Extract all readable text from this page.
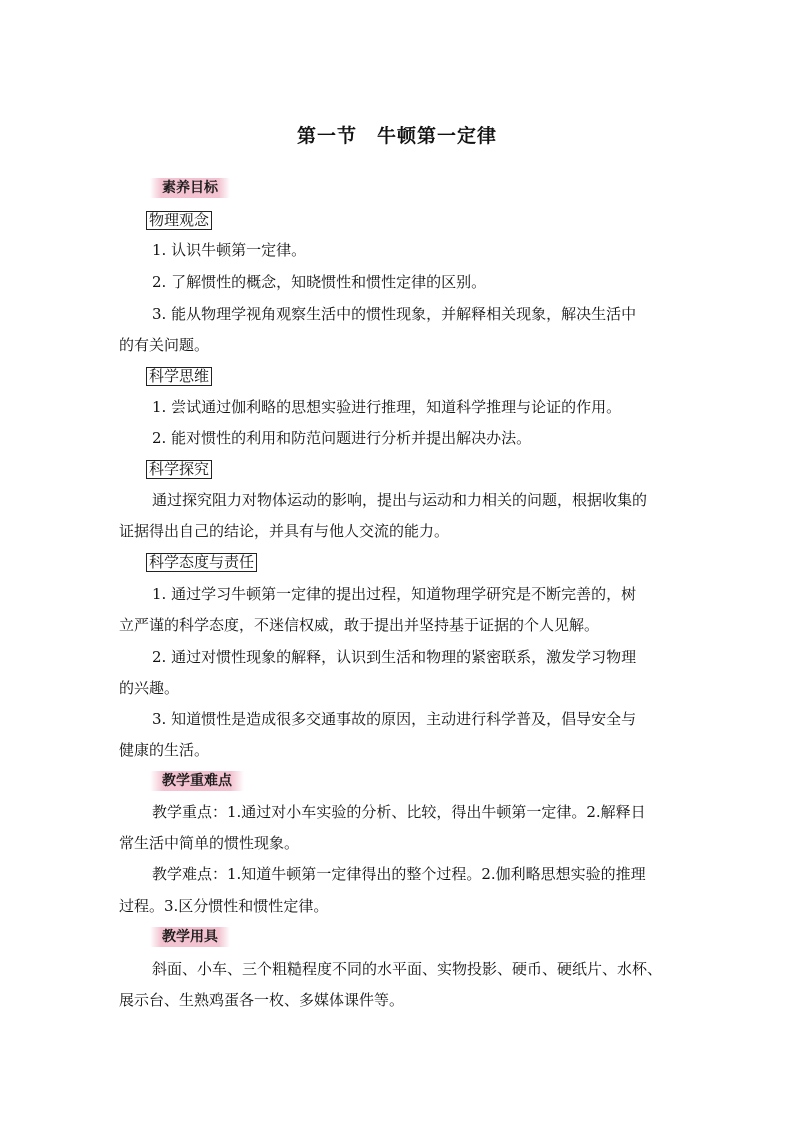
第一节　牛顿第一定律
素养目标
物理观念
1. 认识牛顿第一定律。
2. 了解惯性的概念，知晓惯性和惯性定律的区别。
3. 能从物理学视角观察生活中的惯性现象，并解释相关现象，解决生活中
的有关问题。
科学思维
1. 尝试通过伽利略的思想实验进行推理，知道科学推理与论证的作用。
2. 能对惯性的利用和防范问题进行分析并提出解决办法。
科学探究
通过探究阻力对物体运动的影响，提出与运动和力相关的问题，根据收集的
证据得出自己的结论，并具有与他人交流的能力。
科学态度与责任
1. 通过学习牛顿第一定律的提出过程，知道物理学研究是不断完善的，树
立严谨的科学态度，不迷信权威，敢于提出并坚持基于证据的个人见解。
2. 通过对惯性现象的解释，认识到生活和物理的紧密联系，激发学习物理
的兴趣。
3. 知道惯性是造成很多交通事故的原因，主动进行科学普及，倡导安全与
健康的生活。
教学重难点
教学重点：1.通过对小车实验的分析、比较，得出牛顿第一定律。2.解释日
常生活中简单的惯性现象。
教学难点：1.知道牛顿第一定律得出的整个过程。2.伽利略思想实验的推理
过程。3.区分惯性和惯性定律。
教学用具
斜面、小车、三个粗糙程度不同的水平面、实物投影、硬币、硬纸片、水杯、
展示台、生熟鸡蛋各一枚、多媒体课件等。
